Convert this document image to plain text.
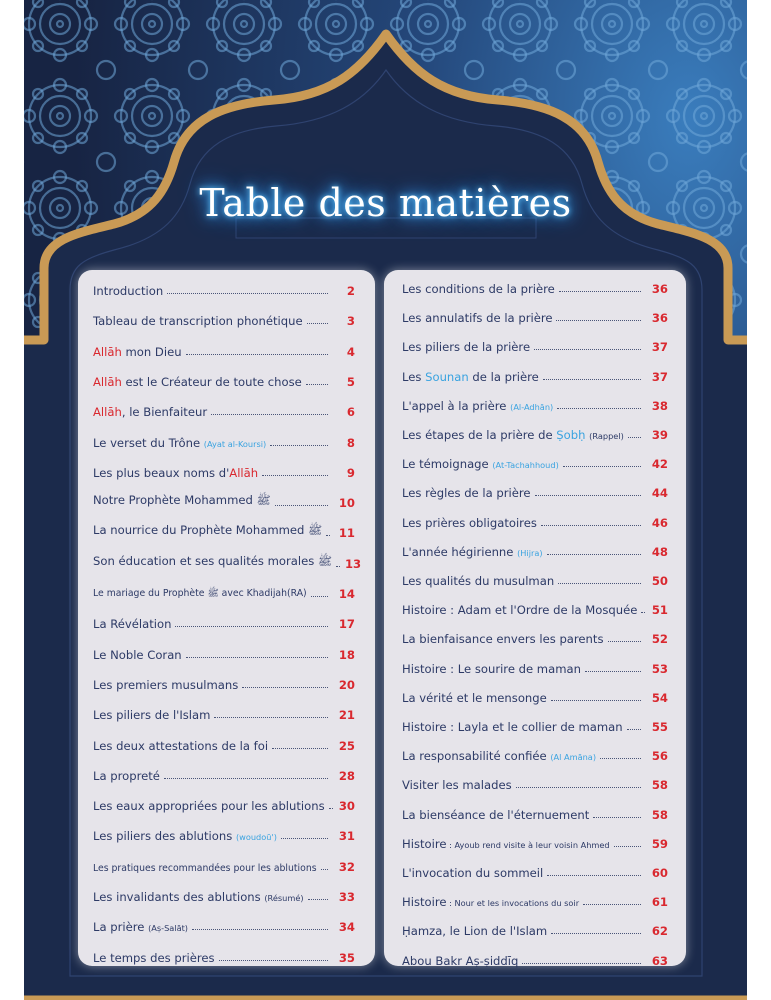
Table des matières
Introduction	2
Tableau de transcription phonétique	3
Allāh mon Dieu	4
Allāh est le Créateur de toute chose	5
Allāh, le Bienfaiteur	6
Le verset du Trône (Ayat al-Koursi)	8
Les plus beaux noms d'Allāh	9
Notre Prophète Mohammed ﷺ	10
La nourrice du Prophète Mohammed ﷺ	11
Son éducation et ses qualités morales ﷺ 13
Le mariage du Prophète ﷺ avec Khadijah(RA)	14
La Révélation	17
Le Noble Coran	18
Les premiers musulmans	20
Les piliers de l'Islam	21
Les deux attestations de la foi	25
La propreté	28
Les eaux appropriées pour les ablutions 30
Les piliers des ablutions (woudoū')	31
Les pratiques recommandées pour les ablutions	32
Les invalidants des ablutions (Résumé)	33
La prière (Aṣ-Salāt)	34
Le temps des prières	35
Les conditions de la prière	36
Les annulatifs de la prière	36
Les piliers de la prière	37
Les Sounan de la prière	37
L'appel à la prière (Al-Adhān)	38
Les étapes de la prière de Ṣobḥ (Rappel)	39
Le témoignage (At-Tachahhoud)	42
Les règles de la prière	44
Les prières obligatoires	46
L'année hégirienne (Hijra)	48
Les qualités du musulman	50
Histoire : Adam et l'Ordre de la Mosquée 51
La bienfaisance envers les parents	52
Histoire : Le sourire de maman	53
La vérité et le mensonge	54
Histoire : Layla et le collier de maman	55
La responsabilité confiée (Al Amāna)	56
Visiter les malades	58
La bienséance de l'éternuement	58
Histoire : Ayoub rend visite à leur voisin Ahmed	59
L'invocation du sommeil	60
Histoire : Nour et les invocations du soir	61
Ḥamza, le Lion de l'Islam	62
Abou Bakr Aṣ-ṣiddīq	63
